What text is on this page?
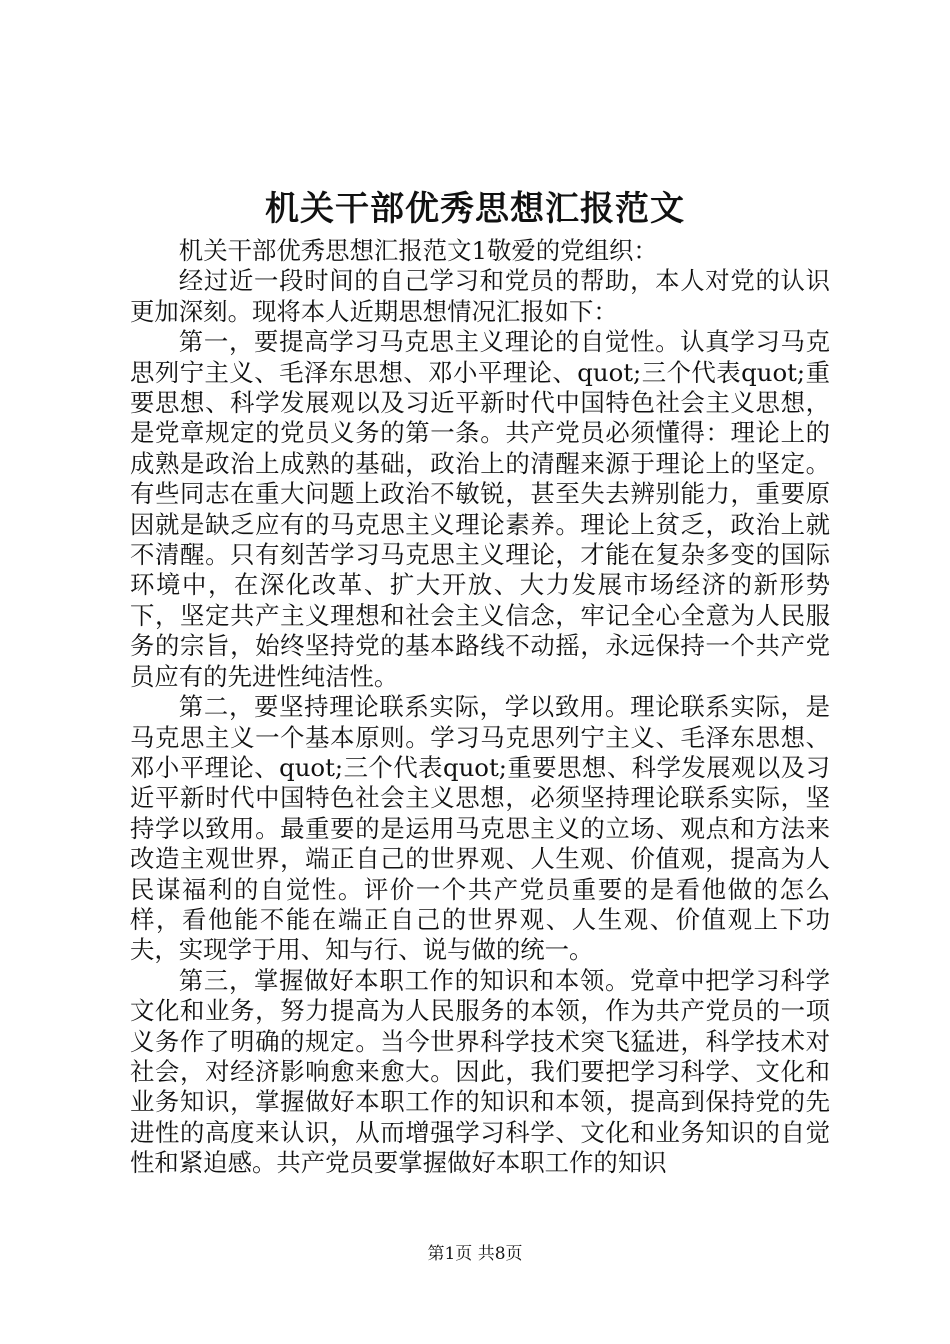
机关干部优秀思想汇报范文

机关干部优秀思想汇报范文1敬爱的党组织：

经过近一段时间的自己学习和党员的帮助，本人对党的认识更加深刻。现将本人近期思想情况汇报如下：

第一，要提高学习马克思主义理论的自觉性。认真学习马克思列宁主义、毛泽东思想、邓小平理论、quot;三个代表quot;重要思想、科学发展观以及习近平新时代中国特色社会主义思想，是党章规定的党员义务的第一条。共产党员必须懂得：理论上的成熟是政治上成熟的基础，政治上的清醒来源于理论上的坚定。有些同志在重大问题上政治不敏锐，甚至失去辨别能力，重要原因就是缺乏应有的马克思主义理论素养。理论上贫乏，政治上就不清醒。只有刻苦学习马克思主义理论，才能在复杂多变的国际环境中，在深化改革、扩大开放、大力发展市场经济的新形势下，坚定共产主义理想和社会主义信念，牢记全心全意为人民服务的宗旨，始终坚持党的基本路线不动摇，永远保持一个共产党员应有的先进性纯洁性。

第二，要坚持理论联系实际，学以致用。理论联系实际，是马克思主义一个基本原则。学习马克思列宁主义、毛泽东思想、邓小平理论、quot;三个代表quot;重要思想、科学发展观以及习近平新时代中国特色社会主义思想，必须坚持理论联系实际，坚持学以致用。最重要的是运用马克思主义的立场、观点和方法来改造主观世界，端正自己的世界观、人生观、价值观，提高为人民谋福利的自觉性。评价一个共产党员重要的是看他做的怎么样，看他能不能在端正自己的世界观、人生观、价值观上下功夫，实现学于用、知与行、说与做的统一。

第三，掌握做好本职工作的知识和本领。党章中把学习科学文化和业务，努力提高为人民服务的本领，作为共产党员的一项义务作了明确的规定。当今世界科学技术突飞猛进，科学技术对社会，对经济影响愈来愈大。因此，我们要把学习科学、文化和业务知识，掌握做好本职工作的知识和本领，提高到保持党的先进性的高度来认识，从而增强学习科学、文化和业务知识的自觉性和紧迫感。共产党员要掌握做好本职工作的知识

第1页 共8页
